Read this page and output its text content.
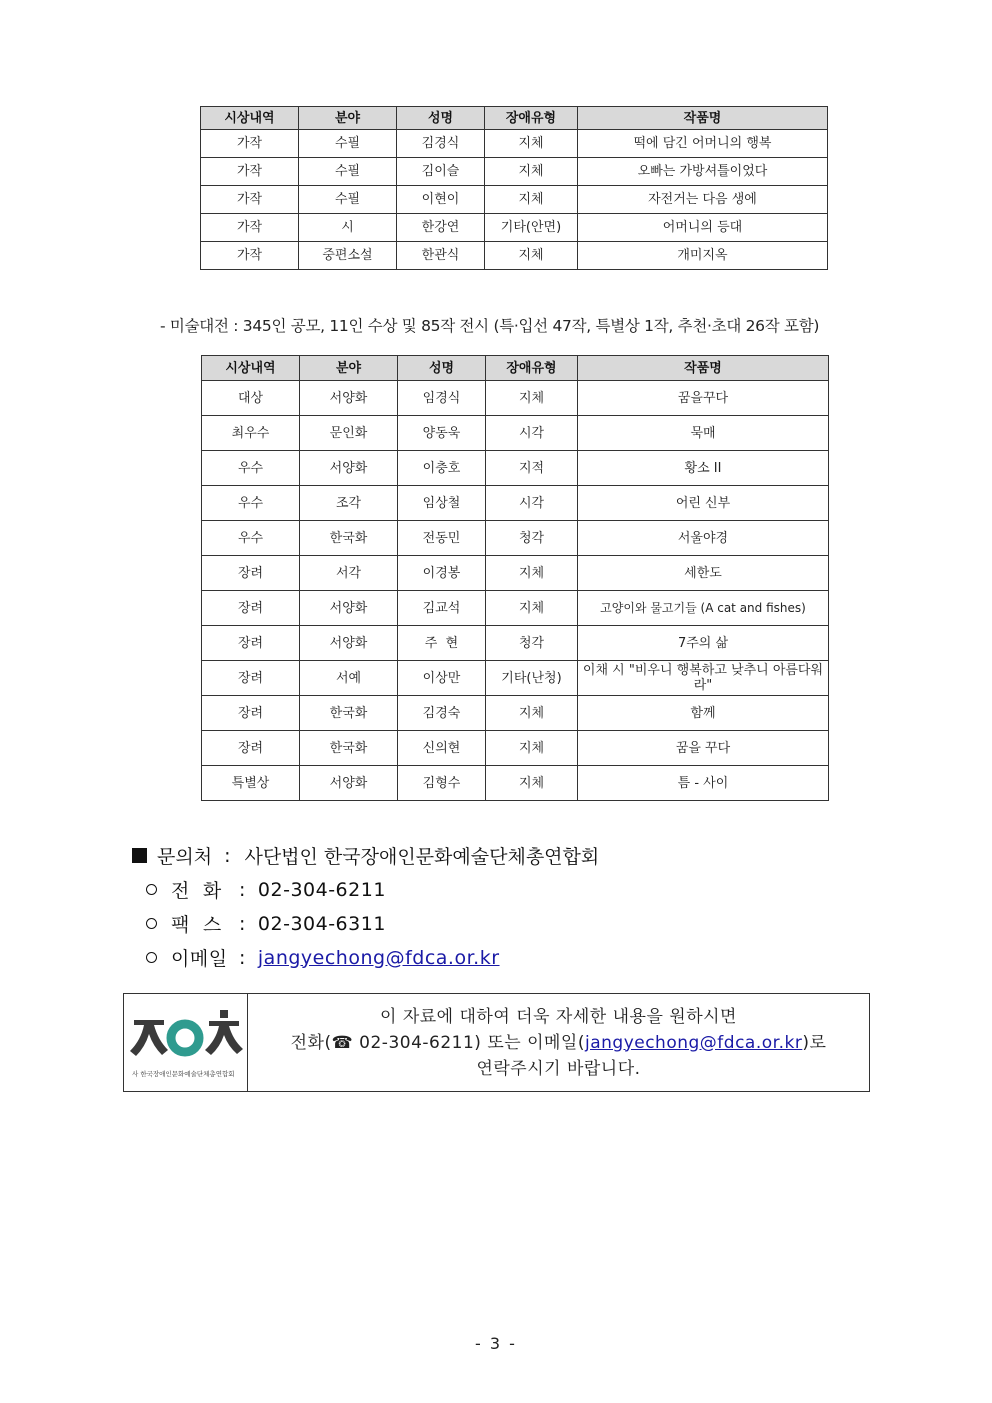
시상내역	분야	성명	장애유형	작품명
가작	수필	김경식	지체	떡에 담긴 어머니의 행복
가작	수필	김이슬	지체	오빠는 가방셔틀이었다
가작	수필	이현이	지체	자전거는 다음 생에
가작	시	한강연	기타(안면)	어머니의 등대
가작	중편소설	한관식	지체	개미지옥
- 미술대전 : 345인 공모, 11인 수상 및 85작 전시 (특·입선 47작, 특별상 1작, 추천·초대 26작 포함)
시상내역	분야	성명	장애유형	작품명
대상	서양화	임경식	지체	꿈을꾸다
최우수	문인화	양동욱	시각	묵매
우수	서양화	이충호	지적	황소 II
우수	조각	임상철	시각	어린 신부
우수	한국화	전동민	청각	서울야경
장려	서각	이경봉	지체	세한도
장려	서양화	김교석	지체	고양이와 물고기들 (A cat and fishes)
장려	서양화	주  현	청각	7주의 삶
장려	서예	이상만	기타(난청)	이채 시 "비우니 행복하고 낮추니 아름다워라"
장려	한국화	김경숙	지체	함께
장려	한국화	신의현	지체	꿈을 꾸다
특별상	서양화	김형수	지체	틈 - 사이
문의처 : 사단법인 한국장애인문화예술단체총연합회
전  화 : 02-304-6211
팩  스 : 02-304-6311
이메일 : jangyechong@fdca.or.kr
사 한국장애인문화예술단체총연합회
이 자료에 대하여 더욱 자세한 내용을 원하시면
전화(☎ 02-304-6211) 또는 이메일(jangyechong@fdca.or.kr)로
연락주시기 바랍니다.
- 3 -
